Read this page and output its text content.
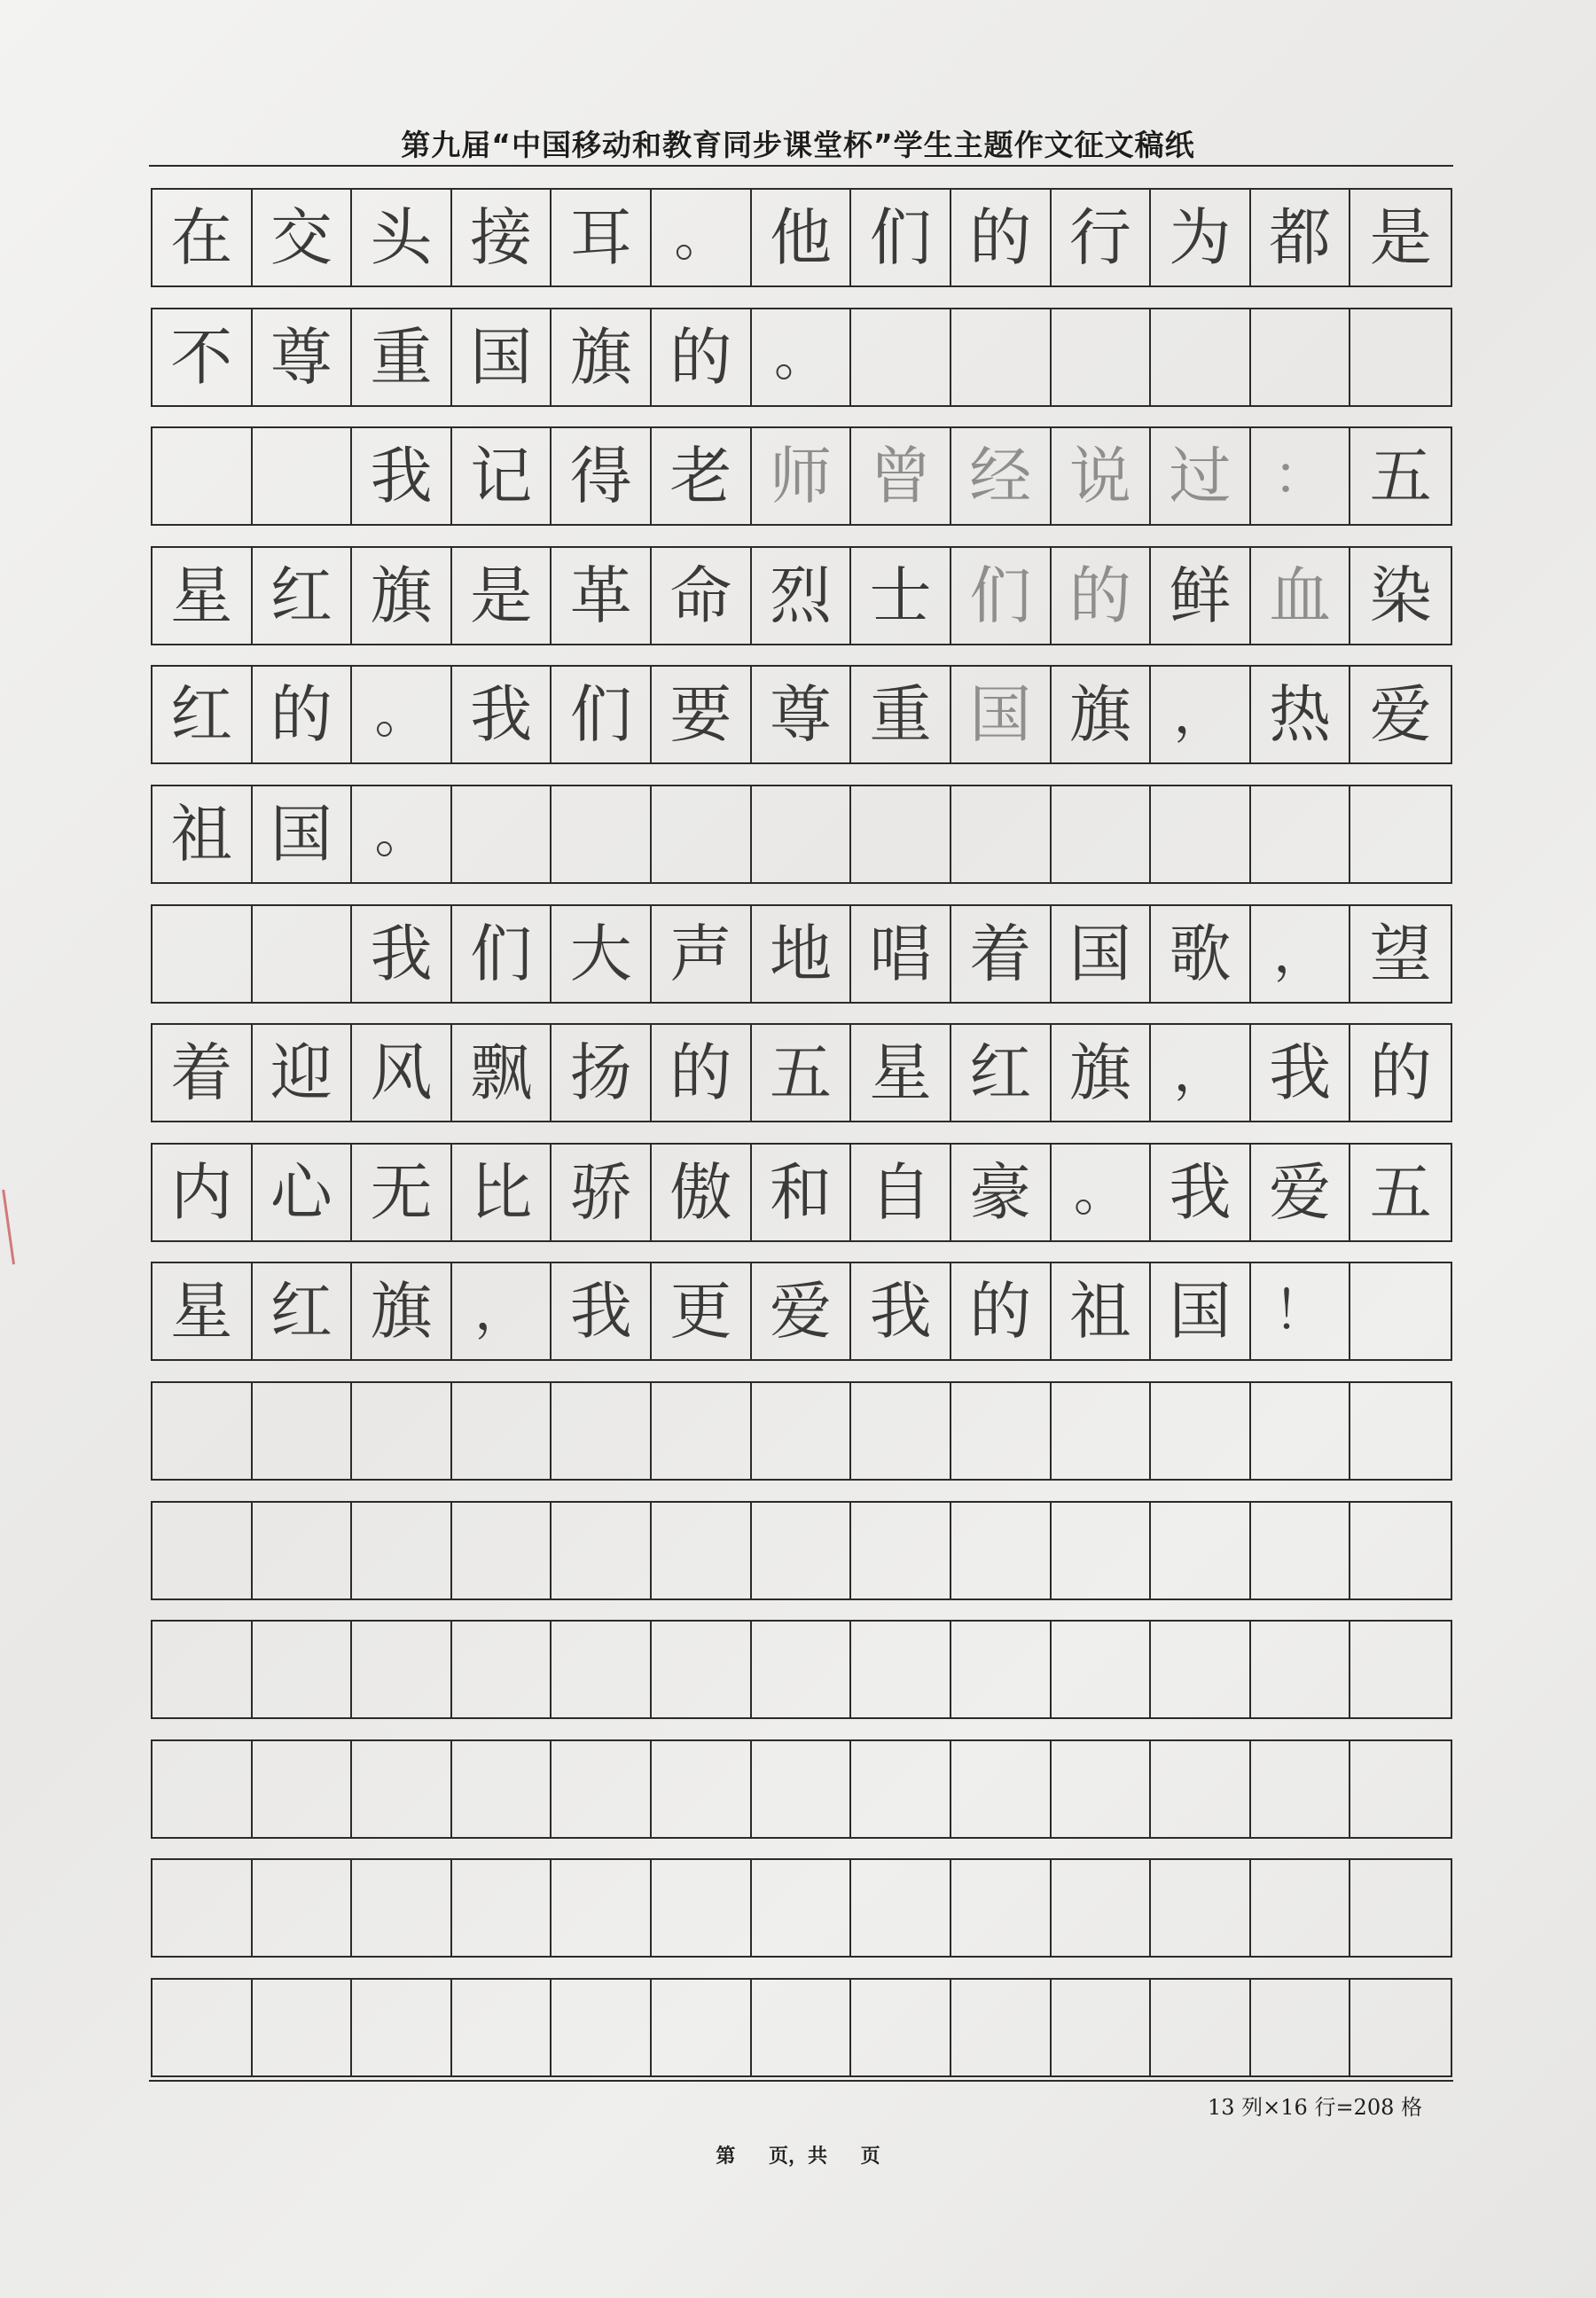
第九届“中国移动和教育同步课堂杯”学生主题作文征文稿纸
在 交 头 接 耳 。 他 们 的 行 为 都 是
不 尊 重 国 旗 的 。
我 记 得 老 师 曾 经 说 过 ： 五
星 红 旗 是 革 命 烈 士 们 的 鲜 血 染
红 的 。 我 们 要 尊 重 国 旗 ， 热 爱
祖 国 。
我 们 大 声 地 唱 着 国 歌 ， 望
着 迎 风 飘 扬 的 五 星 红 旗 ， 我 的
内 心 无 比 骄 傲 和 自 豪 。 我 爱 五
星 红 旗 ， 我 更 爱 我 的 祖 国 ！
13 列×16 行=208 格
第 页，共 页
